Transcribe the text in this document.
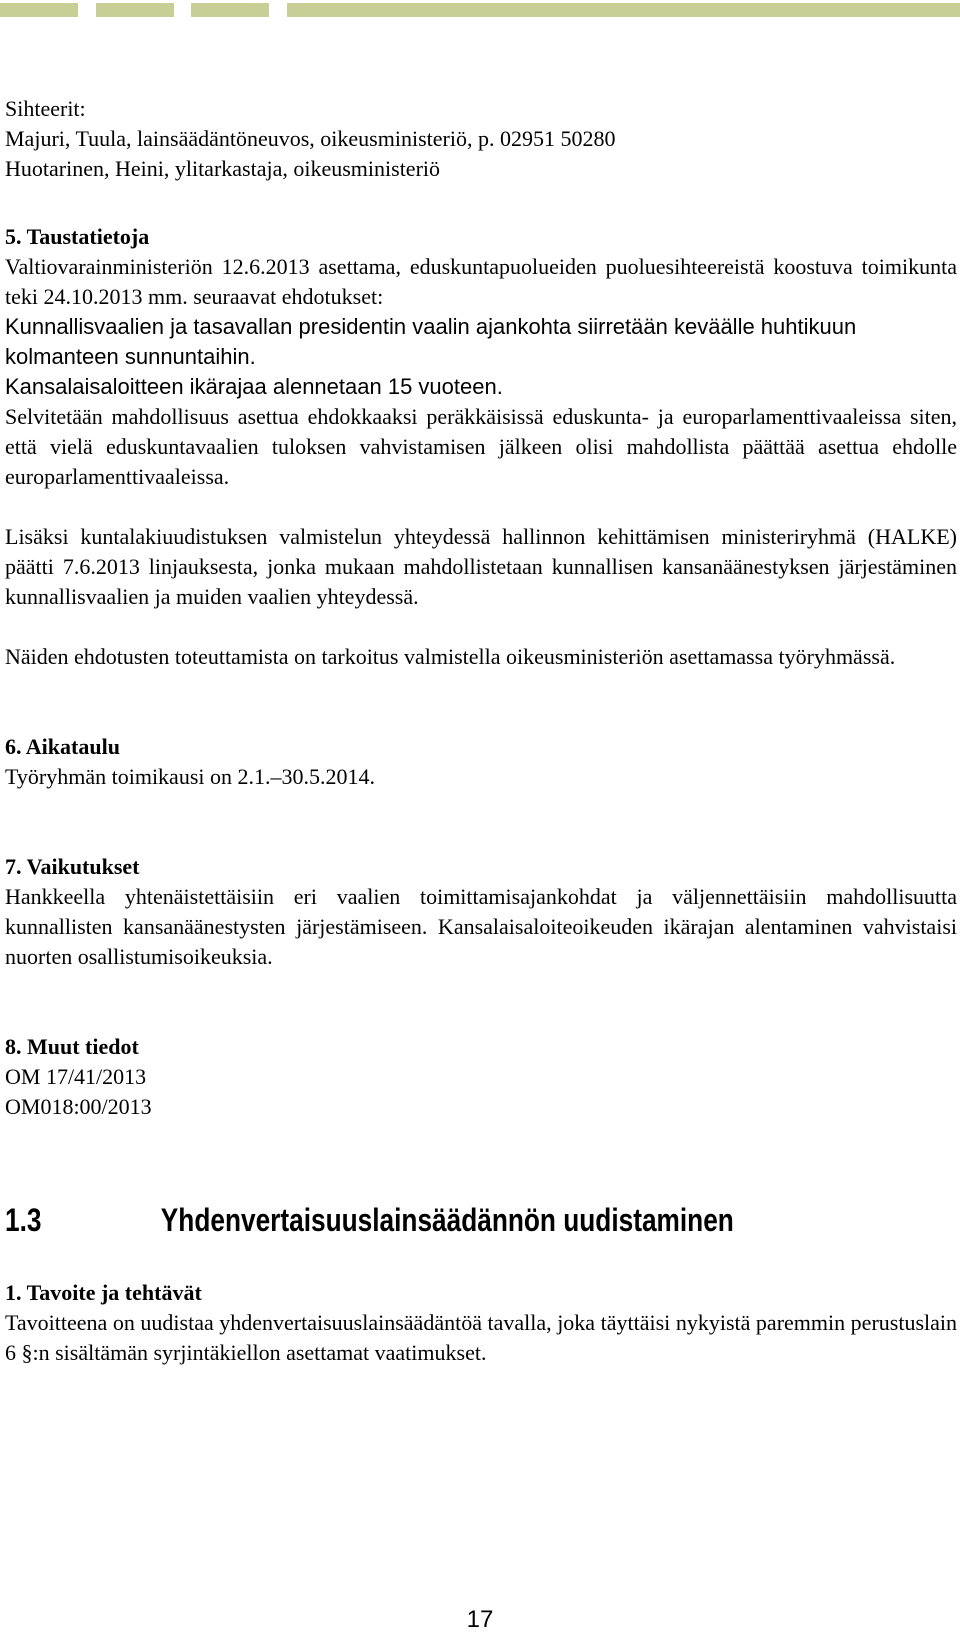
Sihteerit:

Majuri, Tuula, lainsäädäntöneuvos, oikeusministeriö, p. 02951 50280

Huotarinen, Heini, ylitarkastaja, oikeusministeriö

5. Taustatietoja

Valtiovarainministeriön 12.6.2013 asettama, eduskuntapuolueiden puoluesihteereistä koostuva toimikunta teki 24.10.2013 mm. seuraavat ehdotukset:

Kunnallisvaalien ja tasavallan presidentin vaalin ajankohta siirretään keväälle huhtikuun kolmanteen sunnuntaihin.

Kansalaisaloitteen ikärajaa alennetaan 15 vuoteen.

Selvitetään mahdollisuus asettua ehdokkaaksi peräkkäisissä eduskunta- ja europarlamenttivaaleissa siten, että vielä eduskuntavaalien tuloksen vahvistamisen jälkeen olisi mahdollista päättää asettua ehdolle europarlamenttivaaleissa.

Lisäksi kuntalakiuudistuksen valmistelun yhteydessä hallinnon kehittämisen ministeriryhmä (HALKE) päätti 7.6.2013 linjauksesta, jonka mukaan mahdollistetaan kunnallisen kansanäänestyksen järjestäminen kunnallisvaalien ja muiden vaalien yhteydessä.

Näiden ehdotusten toteuttamista on tarkoitus valmistella oikeusministeriön asettamassa työryhmässä.

6. Aikataulu

Työryhmän toimikausi on 2.1.–30.5.2014.

7. Vaikutukset

Hankkeella yhtenäistettäisiin eri vaalien toimittamisajankohdat ja väljennettäisiin mahdollisuutta kunnallisten kansanäänestysten järjestämiseen. Kansalaisaloiteoikeuden ikärajan alentaminen vahvistaisi nuorten osallistumisoikeuksia.

8. Muut tiedot

OM 17/41/2013

OM018:00/2013

1.3	Yhdenvertaisuuslainsäädännön uudistaminen

1. Tavoite ja tehtävät

Tavoitteena on uudistaa yhdenvertaisuuslainsäädäntöä tavalla, joka täyttäisi nykyistä paremmin perustuslain 6 §:n sisältämän syrjintäkiellon asettamat vaatimukset.

17
